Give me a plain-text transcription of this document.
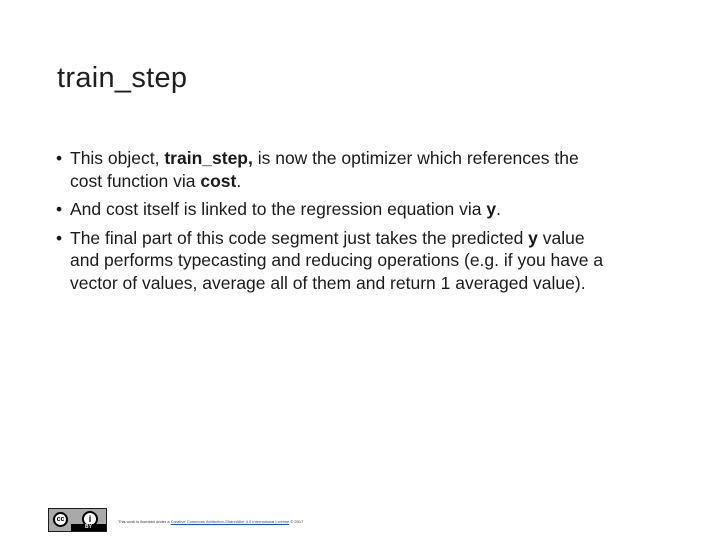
train_step
• This object, train_step, is now the optimizer which references the
cost function via cost.
• And cost itself is linked to the regression equation via y.
• The final part of this code segment just takes the predicted y value
and performs typecasting and reducing operations (e.g. if you have a
vector of values, average all of them and return 1 averaged value).
cc	i
BY
This work is licensed under a Creative Commons Attribution-ShareAlike 4.0 International License © 2017
